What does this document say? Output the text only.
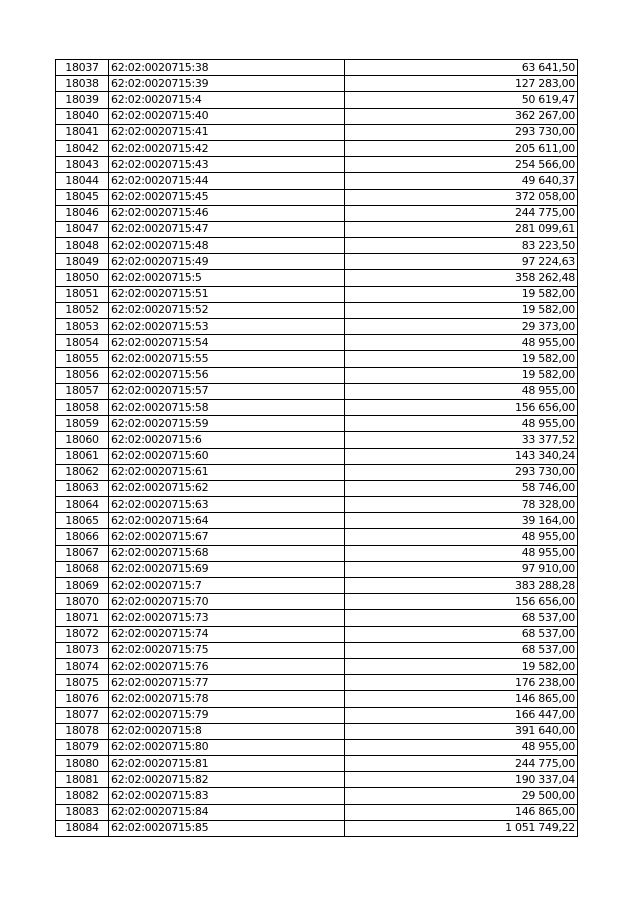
18037	62:02:0020715:38	63 641,50
18038	62:02:0020715:39	127 283,00
18039	62:02:0020715:4	50 619,47
18040	62:02:0020715:40	362 267,00
18041	62:02:0020715:41	293 730,00
18042	62:02:0020715:42	205 611,00
18043	62:02:0020715:43	254 566,00
18044	62:02:0020715:44	49 640,37
18045	62:02:0020715:45	372 058,00
18046	62:02:0020715:46	244 775,00
18047	62:02:0020715:47	281 099,61
18048	62:02:0020715:48	83 223,50
18049	62:02:0020715:49	97 224,63
18050	62:02:0020715:5	358 262,48
18051	62:02:0020715:51	19 582,00
18052	62:02:0020715:52	19 582,00
18053	62:02:0020715:53	29 373,00
18054	62:02:0020715:54	48 955,00
18055	62:02:0020715:55	19 582,00
18056	62:02:0020715:56	19 582,00
18057	62:02:0020715:57	48 955,00
18058	62:02:0020715:58	156 656,00
18059	62:02:0020715:59	48 955,00
18060	62:02:0020715:6	33 377,52
18061	62:02:0020715:60	143 340,24
18062	62:02:0020715:61	293 730,00
18063	62:02:0020715:62	58 746,00
18064	62:02:0020715:63	78 328,00
18065	62:02:0020715:64	39 164,00
18066	62:02:0020715:67	48 955,00
18067	62:02:0020715:68	48 955,00
18068	62:02:0020715:69	97 910,00
18069	62:02:0020715:7	383 288,28
18070	62:02:0020715:70	156 656,00
18071	62:02:0020715:73	68 537,00
18072	62:02:0020715:74	68 537,00
18073	62:02:0020715:75	68 537,00
18074	62:02:0020715:76	19 582,00
18075	62:02:0020715:77	176 238,00
18076	62:02:0020715:78	146 865,00
18077	62:02:0020715:79	166 447,00
18078	62:02:0020715:8	391 640,00
18079	62:02:0020715:80	48 955,00
18080	62:02:0020715:81	244 775,00
18081	62:02:0020715:82	190 337,04
18082	62:02:0020715:83	29 500,00
18083	62:02:0020715:84	146 865,00
18084	62:02:0020715:85	1 051 749,22
